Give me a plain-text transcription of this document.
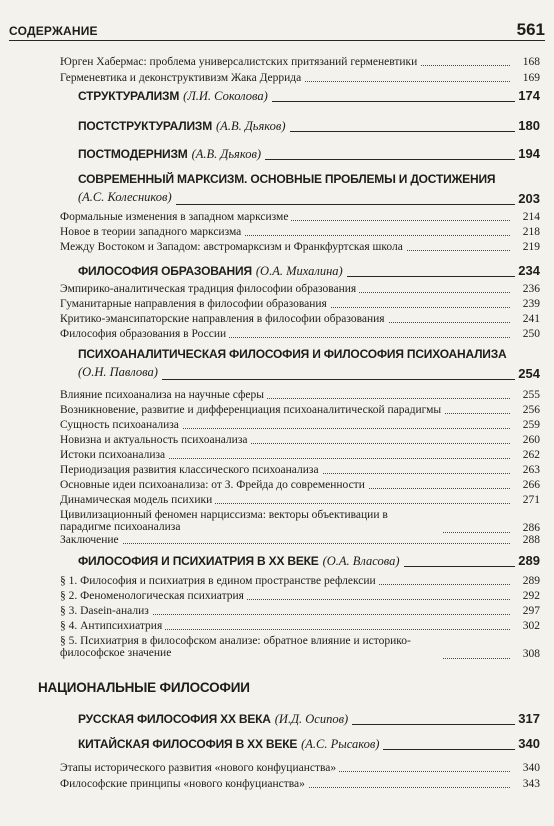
СОДЕРЖАНИЕ	561
Юрген Хабермас: проблема универсалистских притязаний герменевтики	168
Герменевтика и деконструктивизм Жака Деррида	169
СТРУКТУРАЛИЗМ (Л.И. Соколова)	174
ПОСТСТРУКТУРАЛИЗМ (А.В. Дьяков)	180
ПОСТМОДЕРНИЗМ (А.В. Дьяков)	194
СОВРЕМЕННЫЙ МАРКСИЗМ. ОСНОВНЫЕ ПРОБЛЕМЫ И ДОСТИЖЕНИЯ
(А.С. Колесников)	203
Формальные изменения в западном марксизме	214
Новое в теории западного марксизма	218
Между Востоком и Западом: австромарксизм и Франкфуртская школа	219
ФИЛОСОФИЯ ОБРАЗОВАНИЯ (О.А. Михалина)	234
Эмпирико-аналитическая традиция философии образования	236
Гуманитарные направления в философии образования	239
Критико-эмансипаторские направления в философии образования	241
Философия образования в России	250
ПСИХОАНАЛИТИЧЕСКАЯ ФИЛОСОФИЯ И ФИЛОСОФИЯ ПСИХОАНАЛИЗА
(О.Н. Павлова)	254
Влияние психоанализа на научные сферы	255
Возникновение, развитие и дифференциация психоаналитической парадигмы	256
Сущность психоанализа	259
Новизна и актуальность психоанализа	260
Истоки психоанализа	262
Периодизация развития классического психоанализа	263
Основные идеи психоанализа: от З. Фрейда до современности	266
Динамическая модель психики	271
Цивилизационный феномен нарциссизма: векторы объективации в парадигме психоанализа	286
Заключение	288
ФИЛОСОФИЯ И ПСИХИАТРИЯ В XX ВЕКЕ (О.А. Власова)	289
§ 1. Философия и психиатрия в едином пространстве рефлексии	289
§ 2. Феноменологическая психиатрия	292
§ 3. Dasein-анализ	297
§ 4. Антипсихиатрия	302
§ 5. Психиатрия в философском анализе: обратное влияние и историко-философское значение	308
НАЦИОНАЛЬНЫЕ ФИЛОСОФИИ
РУССКАЯ ФИЛОСОФИЯ XX ВЕКА (И.Д. Осипов)	317
КИТАЙСКАЯ ФИЛОСОФИЯ В XX ВЕКЕ (А.С. Рысаков)	340
Этапы исторического развития «нового конфуцианства»	340
Философские принципы «нового конфуцианства»	343
